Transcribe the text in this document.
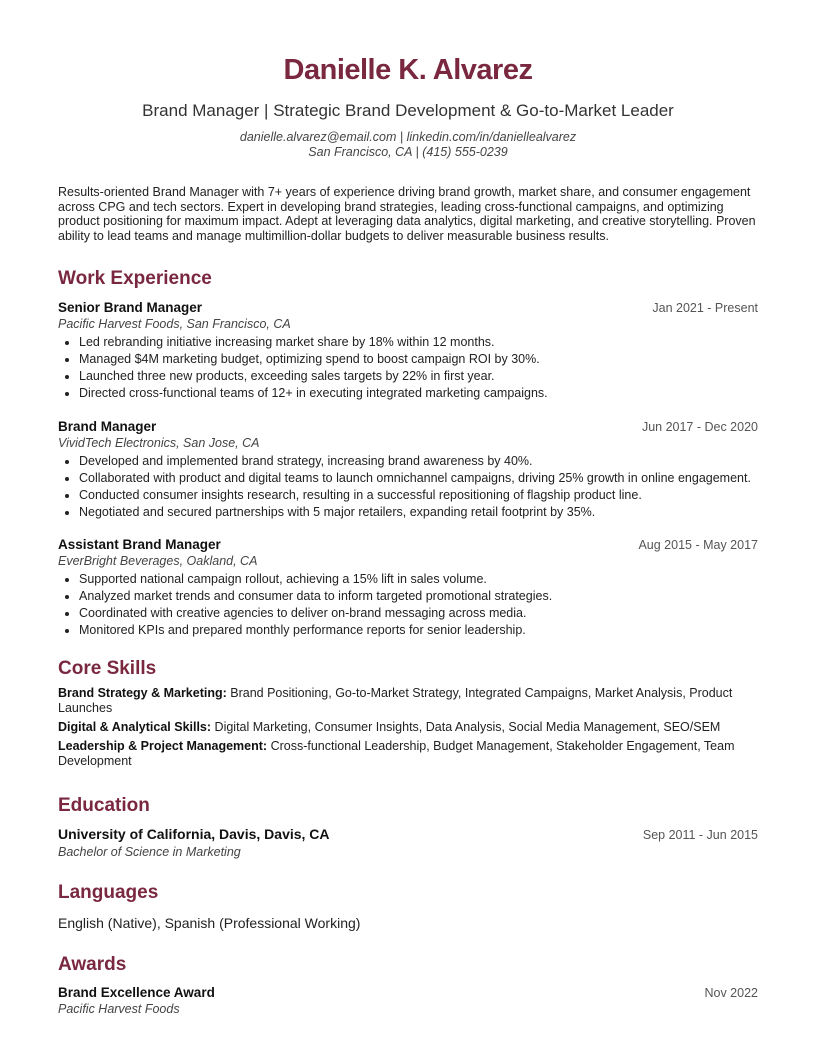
Danielle K. Alvarez
Brand Manager | Strategic Brand Development & Go-to-Market Leader
danielle.alvarez@email.com | linkedin.com/in/daniellealvarez
San Francisco, CA | (415) 555-0239
Results-oriented Brand Manager with 7+ years of experience driving brand growth, market share, and consumer engagement across CPG and tech sectors. Expert in developing brand strategies, leading cross-functional campaigns, and optimizing product positioning for maximum impact. Adept at leveraging data analytics, digital marketing, and creative storytelling. Proven ability to lead teams and manage multimillion-dollar budgets to deliver measurable business results.
Work Experience
Senior Brand Manager	Jan 2021 - Present
Pacific Harvest Foods, San Francisco, CA
• Led rebranding initiative increasing market share by 18% within 12 months.
• Managed $4M marketing budget, optimizing spend to boost campaign ROI by 30%.
• Launched three new products, exceeding sales targets by 22% in first year.
• Directed cross-functional teams of 12+ in executing integrated marketing campaigns.
Brand Manager	Jun 2017 - Dec 2020
VividTech Electronics, San Jose, CA
• Developed and implemented brand strategy, increasing brand awareness by 40%.
• Collaborated with product and digital teams to launch omnichannel campaigns, driving 25% growth in online engagement.
• Conducted consumer insights research, resulting in a successful repositioning of flagship product line.
• Negotiated and secured partnerships with 5 major retailers, expanding retail footprint by 35%.
Assistant Brand Manager	Aug 2015 - May 2017
EverBright Beverages, Oakland, CA
• Supported national campaign rollout, achieving a 15% lift in sales volume.
• Analyzed market trends and consumer data to inform targeted promotional strategies.
• Coordinated with creative agencies to deliver on-brand messaging across media.
• Monitored KPIs and prepared monthly performance reports for senior leadership.
Core Skills
Brand Strategy & Marketing: Brand Positioning, Go-to-Market Strategy, Integrated Campaigns, Market Analysis, Product Launches
Digital & Analytical Skills: Digital Marketing, Consumer Insights, Data Analysis, Social Media Management, SEO/SEM
Leadership & Project Management: Cross-functional Leadership, Budget Management, Stakeholder Engagement, Team Development
Education
University of California, Davis, Davis, CA	Sep 2011 - Jun 2015
Bachelor of Science in Marketing
Languages
English (Native), Spanish (Professional Working)
Awards
Brand Excellence Award	Nov 2022
Pacific Harvest Foods
